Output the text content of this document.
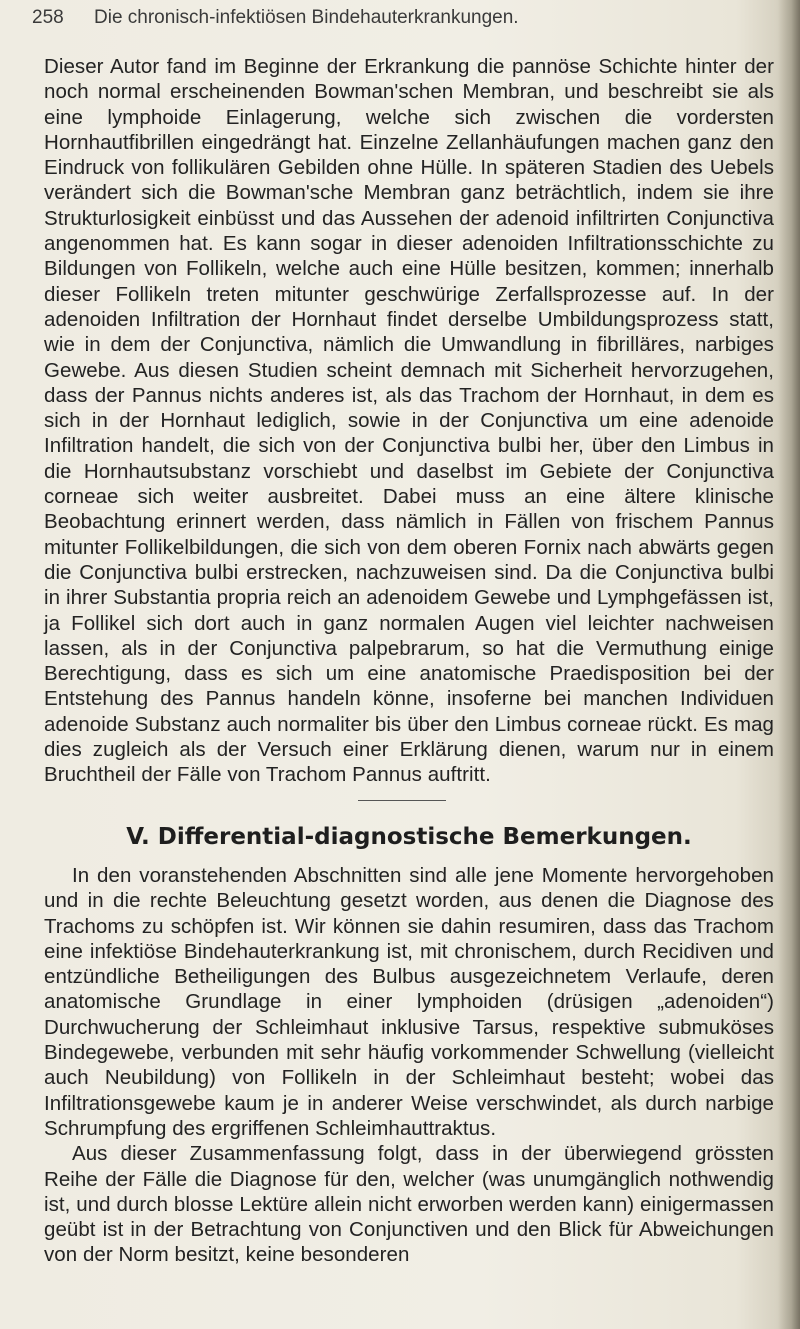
258 Die chronisch-infektiösen Bindehauterkrankungen.

Dieser Autor fand im Beginne der Erkrankung die pannöse Schichte hinter der noch normal erscheinenden Bowman'schen Membran, und beschreibt sie als eine lymphoide Einlagerung, welche sich zwischen die vordersten Hornhautfibrillen eingedrängt hat. Einzelne Zellanhäufungen machen ganz den Eindruck von follikulären Gebilden ohne Hülle. In späteren Stadien des Uebels verändert sich die Bowman'sche Membran ganz beträchtlich, indem sie ihre Strukturlosigkeit einbüsst und das Aussehen der adenoid infiltrirten Conjunctiva angenommen hat. Es kann sogar in dieser adenoiden Infiltrationsschichte zu Bildungen von Follikeln, welche auch eine Hülle besitzen, kommen; innerhalb dieser Follikeln treten mitunter geschwürige Zerfallsprozesse auf. In der adenoiden Infiltration der Hornhaut findet derselbe Umbildungsprozess statt, wie in dem der Conjunctiva, nämlich die Umwandlung in fibrilläres, narbiges Gewebe. Aus diesen Studien scheint demnach mit Sicherheit hervorzugehen, dass der Pannus nichts anderes ist, als das Trachom der Hornhaut, in dem es sich in der Hornhaut lediglich, sowie in der Conjunctiva um eine adenoide Infiltration handelt, die sich von der Conjunctiva bulbi her, über den Limbus in die Hornhautsubstanz vorschiebt und daselbst im Gebiete der Conjunctiva corneae sich weiter ausbreitet. Dabei muss an eine ältere klinische Beobachtung erinnert werden, dass nämlich in Fällen von frischem Pannus mitunter Follikelbildungen, die sich von dem oberen Fornix nach abwärts gegen die Conjunctiva bulbi erstrecken, nachzuweisen sind. Da die Conjunctiva bulbi in ihrer Substantia propria reich an adenoidem Gewebe und Lymphgefässen ist, ja Follikel sich dort auch in ganz normalen Augen viel leichter nachweisen lassen, als in der Conjunctiva palpebrarum, so hat die Vermuthung einige Berechtigung, dass es sich um eine anatomische Praedisposition bei der Entstehung des Pannus handeln könne, insoferne bei manchen Individuen adenoide Substanz auch normaliter bis über den Limbus corneae rückt. Es mag dies zugleich als der Versuch einer Erklärung dienen, warum nur in einem Bruchtheil der Fälle von Trachom Pannus auftritt.

V. Differential-diagnostische Bemerkungen.

In den voranstehenden Abschnitten sind alle jene Momente hervorgehoben und in die rechte Beleuchtung gesetzt worden, aus denen die Diagnose des Trachoms zu schöpfen ist. Wir können sie dahin resumiren, dass das Trachom eine infektiöse Bindehauterkrankung ist, mit chronischem, durch Recidiven und entzündliche Betheiligungen des Bulbus ausgezeichnetem Verlaufe, deren anatomische Grundlage in einer lymphoiden (drüsigen „adenoiden“) Durchwucherung der Schleimhaut inklusive Tarsus, respektive submuköses Bindegewebe, verbunden mit sehr häufig vorkommender Schwellung (vielleicht auch Neubildung) von Follikeln in der Schleimhaut besteht; wobei das Infiltrationsgewebe kaum je in anderer Weise verschwindet, als durch narbige Schrumpfung des ergriffenen Schleimhauttraktus.

Aus dieser Zusammenfassung folgt, dass in der überwiegend grössten Reihe der Fälle die Diagnose für den, welcher (was unumgänglich nothwendig ist, und durch blosse Lektüre allein nicht erworben werden kann) einigermassen geübt ist in der Betrachtung von Conjunctiven und den Blick für Abweichungen von der Norm besitzt, keine besonderen
